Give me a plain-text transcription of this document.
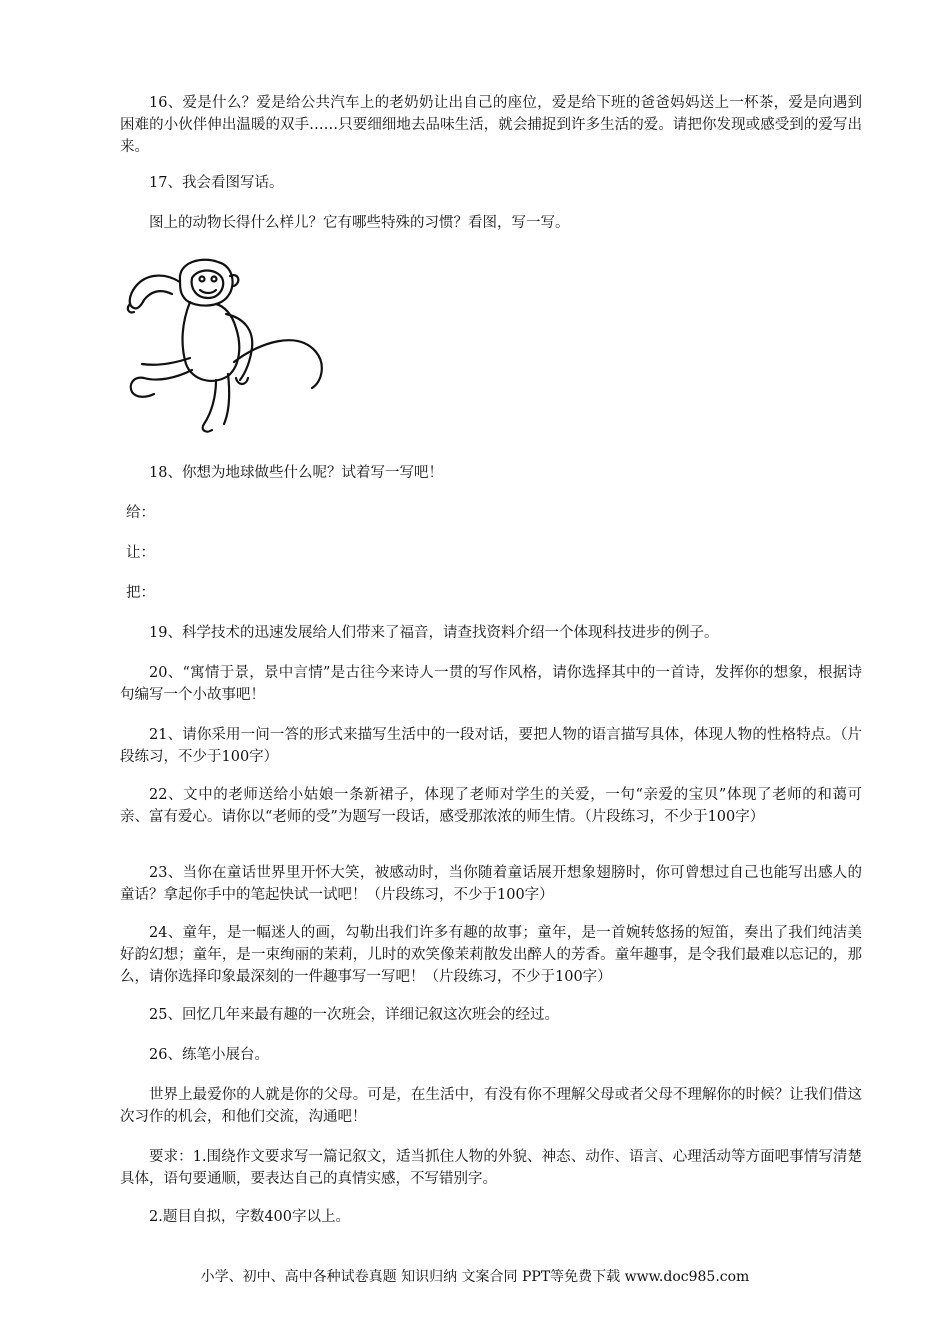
16、爱是什么？爱是给公共汽车上的老奶奶让出自己的座位，爱是给下班的爸爸妈妈送上一杯茶，爱是向遇到困难的小伙伴伸出温暖的双手……只要细细地去品味生活，就会捕捉到许多生活的爱。请把你发现或感受到的爱写出来。

17、我会看图写话。

图上的动物长得什么样儿？它有哪些特殊的习惯？看图，写一写。

18、你想为地球做些什么呢？试着写一写吧！

给：

让：

把：

19、科学技术的迅速发展给人们带来了福音，请查找资料介绍一个体现科技进步的例子。

20、“寓情于景，景中言情”是古往今来诗人一贯的写作风格，请你选择其中的一首诗，发挥你的想象，根据诗句编写一个小故事吧！

21、请你采用一问一答的形式来描写生活中的一段对话，要把人物的语言描写具体，体现人物的性格特点。（片段练习，不少于100字）

22、文中的老师送给小姑娘一条新裙子，体现了老师对学生的关爱，一句“亲爱的宝贝”体现了老师的和蔼可亲、富有爱心。请你以“老师的受”为题写一段话，感受那浓浓的师生情。（片段练习，不少于100字）

23、当你在童话世界里开怀大笑，被感动时，当你随着童话展开想象翅膀时，你可曾想过自己也能写出感人的童话？拿起你手中的笔起快试一试吧！（片段练习，不少于100字）

24、童年，是一幅迷人的画，勾勒出我们许多有趣的故事；童年，是一首婉转悠扬的短笛，奏出了我们纯洁美好韵幻想；童年，是一束绚丽的茉莉，儿时的欢笑像茉莉散发出醉人的芳香。童年趣事，是令我们最难以忘记的，那么，请你选择印象最深刻的一件趣事写一写吧！（片段练习，不少于100字）

25、回忆几年来最有趣的一次班会，详细记叙这次班会的经过。

26、练笔小展台。

世界上最爱你的人就是你的父母。可是，在生活中，有没有你不理解父母或者父母不理解你的时候？让我们借这次习作的机会，和他们交流，沟通吧！

要求：1.围绕作文要求写一篇记叙文，适当抓住人物的外貌、神态、动作、语言、心理活动等方面吧事情写清楚具体，语句要通顺，要表达自己的真情实感，不写错别字。

2.题目自拟，字数400字以上。

小学、初中、高中各种试卷真题 知识归纳 文案合同 PPT等免费下载 www.doc985.com
